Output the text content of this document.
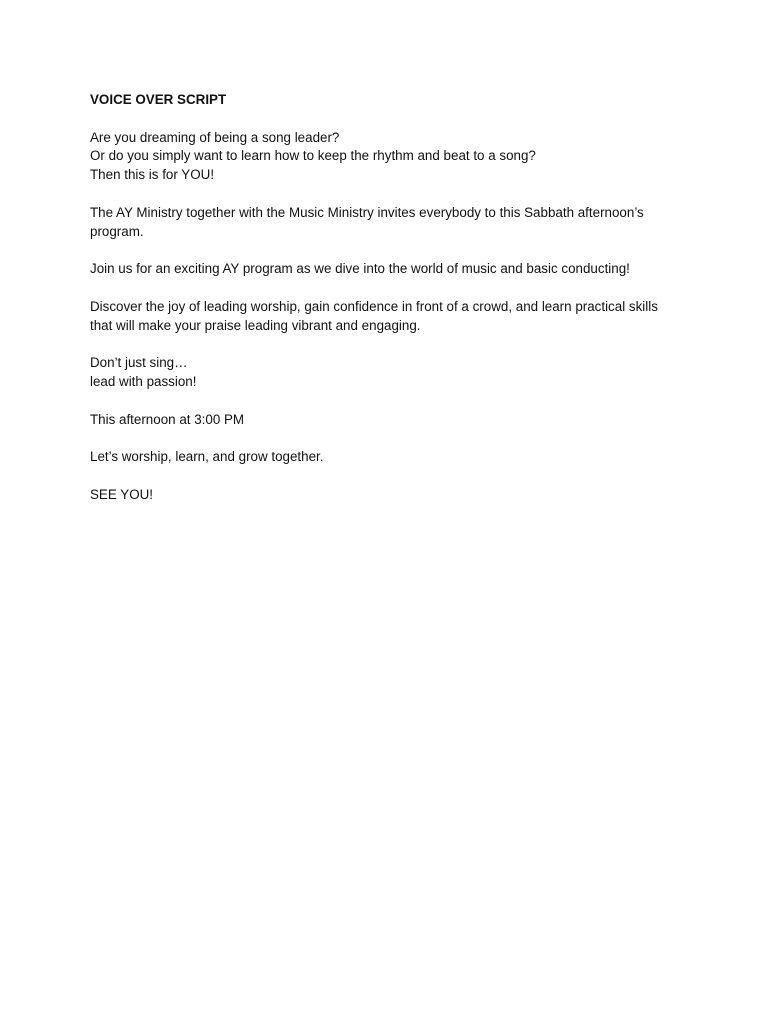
VOICE OVER SCRIPT
Are you dreaming of being a song leader?
Or do you simply want to learn how to keep the rhythm and beat to a song?
Then this is for YOU!
The AY Ministry together with the Music Ministry invites everybody to this Sabbath afternoon’s
program.
Join us for an exciting AY program as we dive into the world of music and basic conducting!
Discover the joy of leading worship, gain confidence in front of a crowd, and learn practical skills
that will make your praise leading vibrant and engaging.
Don’t just sing…
lead with passion!
This afternoon at 3:00 PM
Let’s worship, learn, and grow together.
SEE YOU!
